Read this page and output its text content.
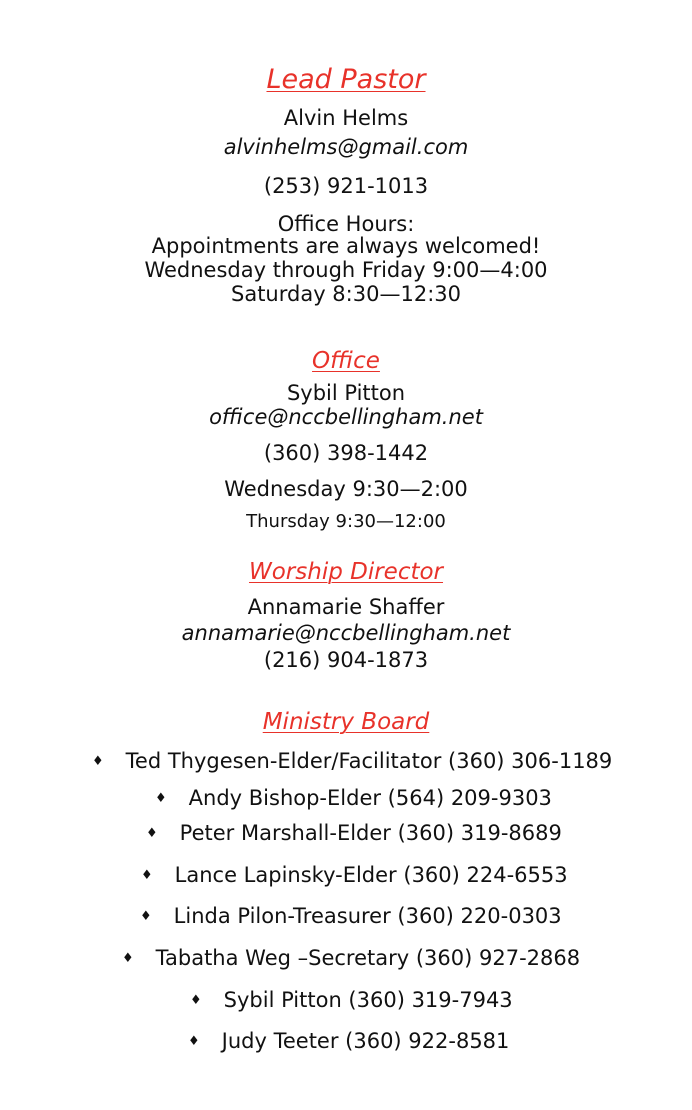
Lead Pastor
Alvin Helms
alvinhelms@gmail.com
(253) 921-1013
Office Hours:
Appointments are always welcomed!
Wednesday through Friday 9:00—4:00
Saturday 8:30—12:30
Office
Sybil Pitton
office@nccbellingham.net
(360) 398-1442
Wednesday 9:30—2:00
Thursday 9:30—12:00
Worship Director
Annamarie Shaffer
annamarie@nccbellingham.net
(216) 904-1873
Ministry Board
♦ Ted Thygesen-Elder/Facilitator (360) 306-1189
♦ Andy Bishop-Elder (564) 209-9303
♦ Peter Marshall-Elder (360) 319-8689
♦ Lance Lapinsky-Elder (360) 224-6553
♦ Linda Pilon-Treasurer (360) 220-0303
♦ Tabatha Weg –Secretary (360) 927-2868
♦ Sybil Pitton (360) 319-7943
♦ Judy Teeter (360) 922-8581
